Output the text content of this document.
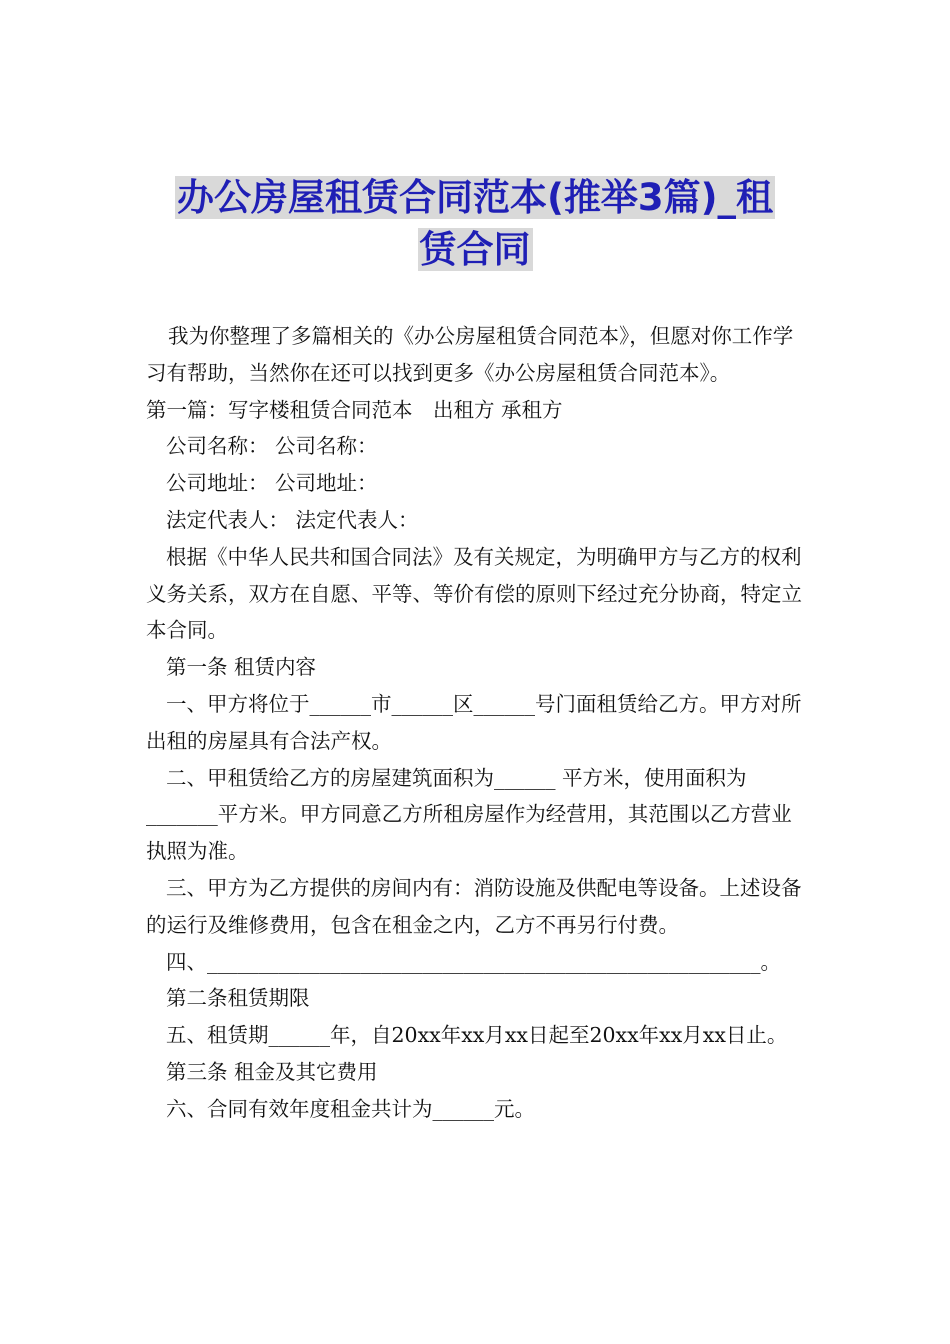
办公房屋租赁合同范本(推举3篇)_租
赁合同

我为你整理了多篇相关的《办公房屋租赁合同范本》，但愿对你工作学习有帮助，当然你在还可以找到更多《办公房屋租赁合同范本》。

第一篇：写字楼租赁合同范本　出租方 承租方

公司名称： 公司名称：

公司地址： 公司地址：

法定代表人： 法定代表人：

根据《中华人民共和国合同法》及有关规定，为明确甲方与乙方的权利义务关系，双方在自愿、平等、等价有偿的原则下经过充分协商，特定立本合同。

第一条 租赁内容

一、甲方将位于______市______区______号门面租赁给乙方。甲方对所出租的房屋具有合法产权。

二、甲租赁给乙方的房屋建筑面积为______ 平方米，使用面积为_______平方米。甲方同意乙方所租房屋作为经营用，其范围以乙方营业执照为准。

三、甲方为乙方提供的房间内有：消防设施及供配电等设备。上述设备的运行及维修费用，包含在租金之内，乙方不再另行付费。

四、______________________________________________________。

第二条租赁期限

五、租赁期______年，自20xx年xx月xx日起至20xx年xx月xx日止。

第三条 租金及其它费用

六、合同有效年度租金共计为______元。
